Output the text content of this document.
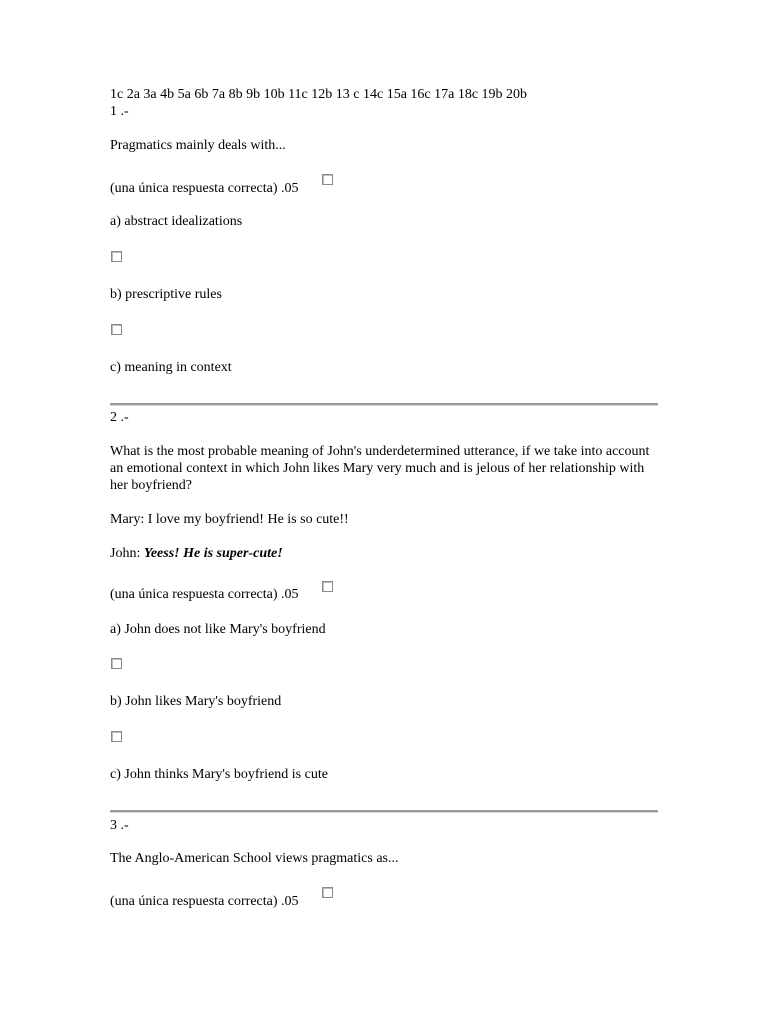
1c 2a 3a 4b 5a 6b 7a 8b 9b 10b 11c 12b 13 c 14c 15a 16c 17a 18c 19b 20b
1 .-
Pragmatics mainly deals with...
(una única respuesta correcta) .05
a) abstract idealizations
b) prescriptive rules
c) meaning in context
2 .-
What is the most probable meaning of John's underdetermined utterance, if we take into account an emotional context in which John likes Mary very much and is jelous of her relationship with her boyfriend?
Mary: I love my boyfriend! He is so cute!!
John: Yeess! He is super-cute!
(una única respuesta correcta) .05
a) John does not like Mary's boyfriend
b) John likes Mary's boyfriend
c) John thinks Mary's boyfriend is cute
3 .-
The Anglo-American School views pragmatics as...
(una única respuesta correcta) .05
